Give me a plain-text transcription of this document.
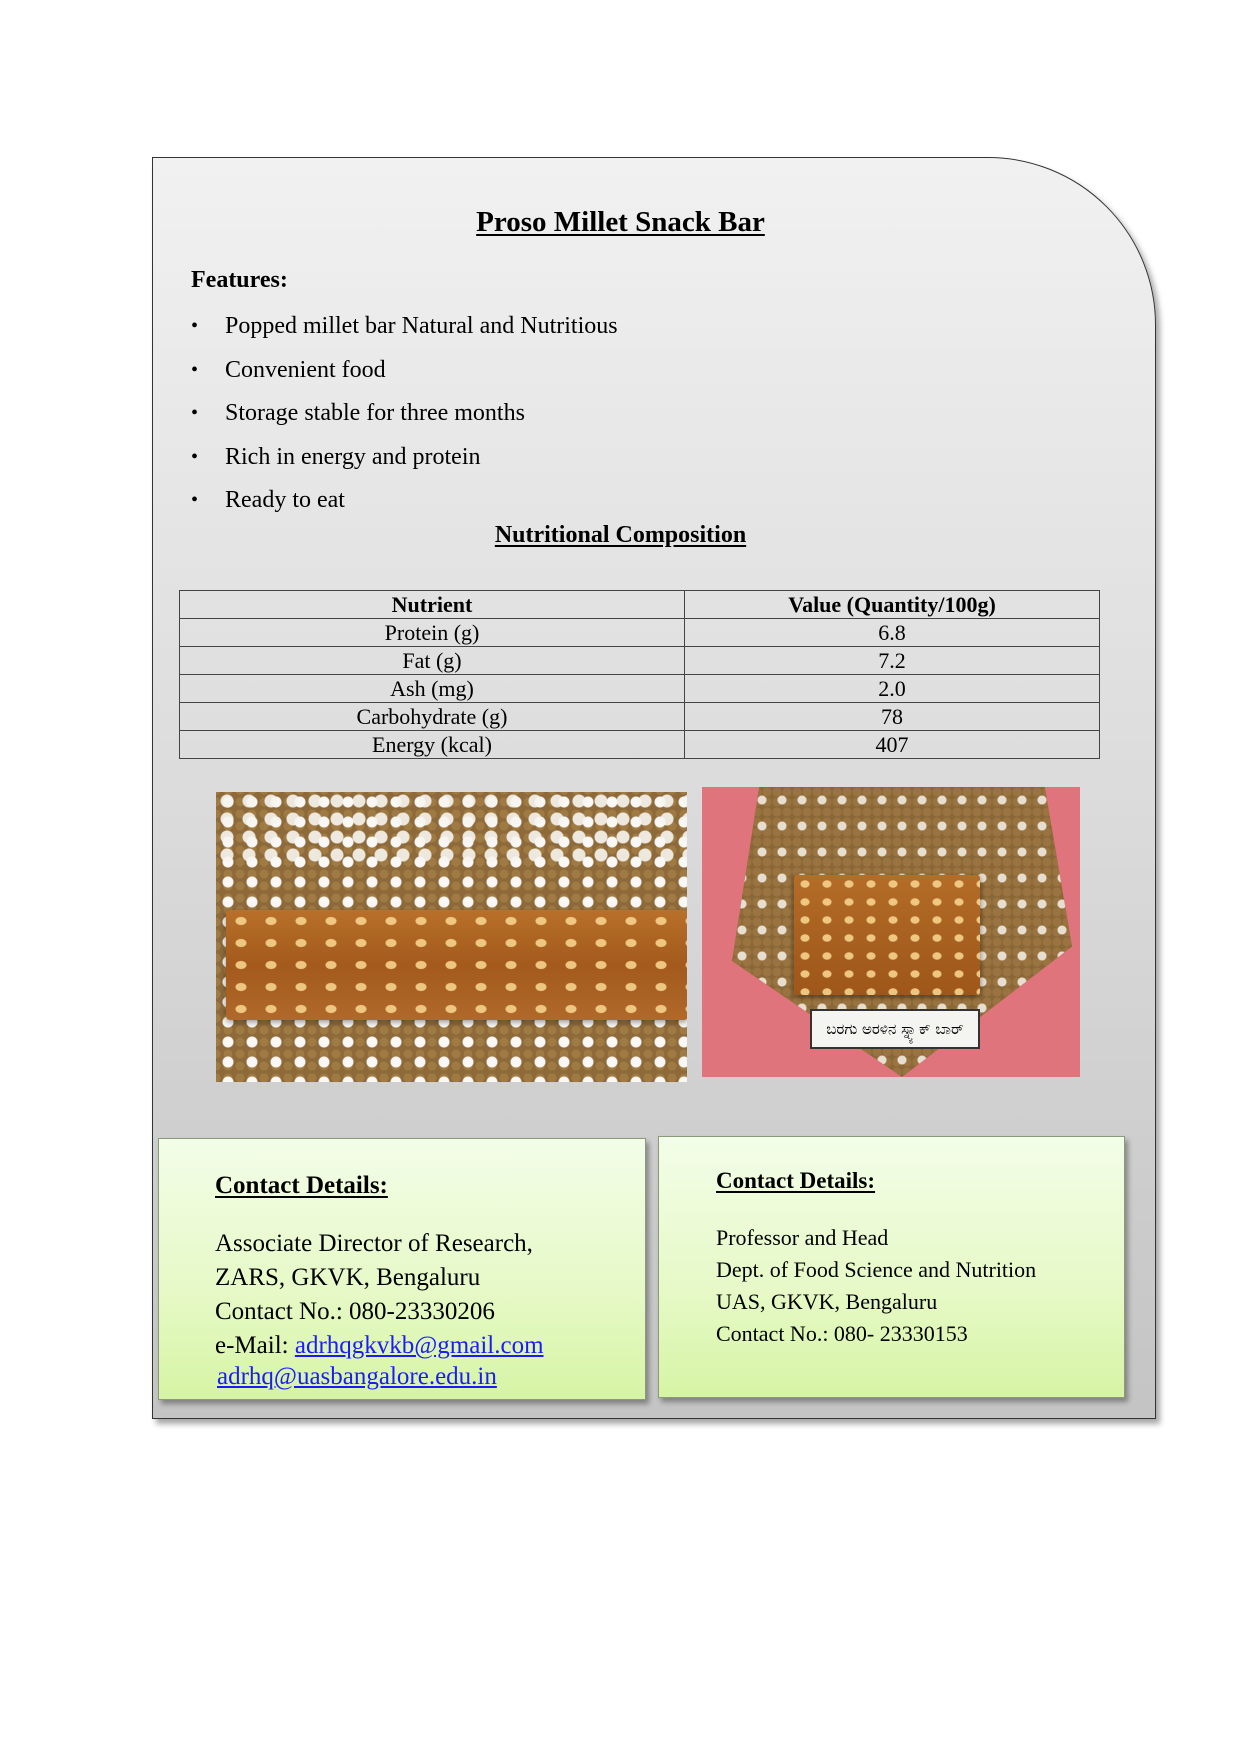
Proso Millet Snack Bar
Features:
• Popped millet bar Natural and Nutritious
• Convenient food
• Storage stable for three months
• Rich in energy and protein
• Ready to eat
Nutritional Composition
Nutrient	Value (Quantity/100g)
Protein (g)	6.8
Fat (g)	7.2
Ash (mg)	2.0
Carbohydrate (g)	78
Energy (kcal)	407
ಬರಗು ಅರಳಿನ ಸ್ನ್ಯಾಕ್ ಬಾರ್
Contact Details:
Associate Director of Research,
ZARS, GKVK, Bengaluru
Contact No.: 080-23330206
e-Mail: adrhqgkvkb@gmail.com
adrhq@uasbangalore.edu.in
Contact Details:
Professor and Head
Dept. of Food Science and Nutrition
UAS, GKVK, Bengaluru
Contact No.: 080- 23330153
